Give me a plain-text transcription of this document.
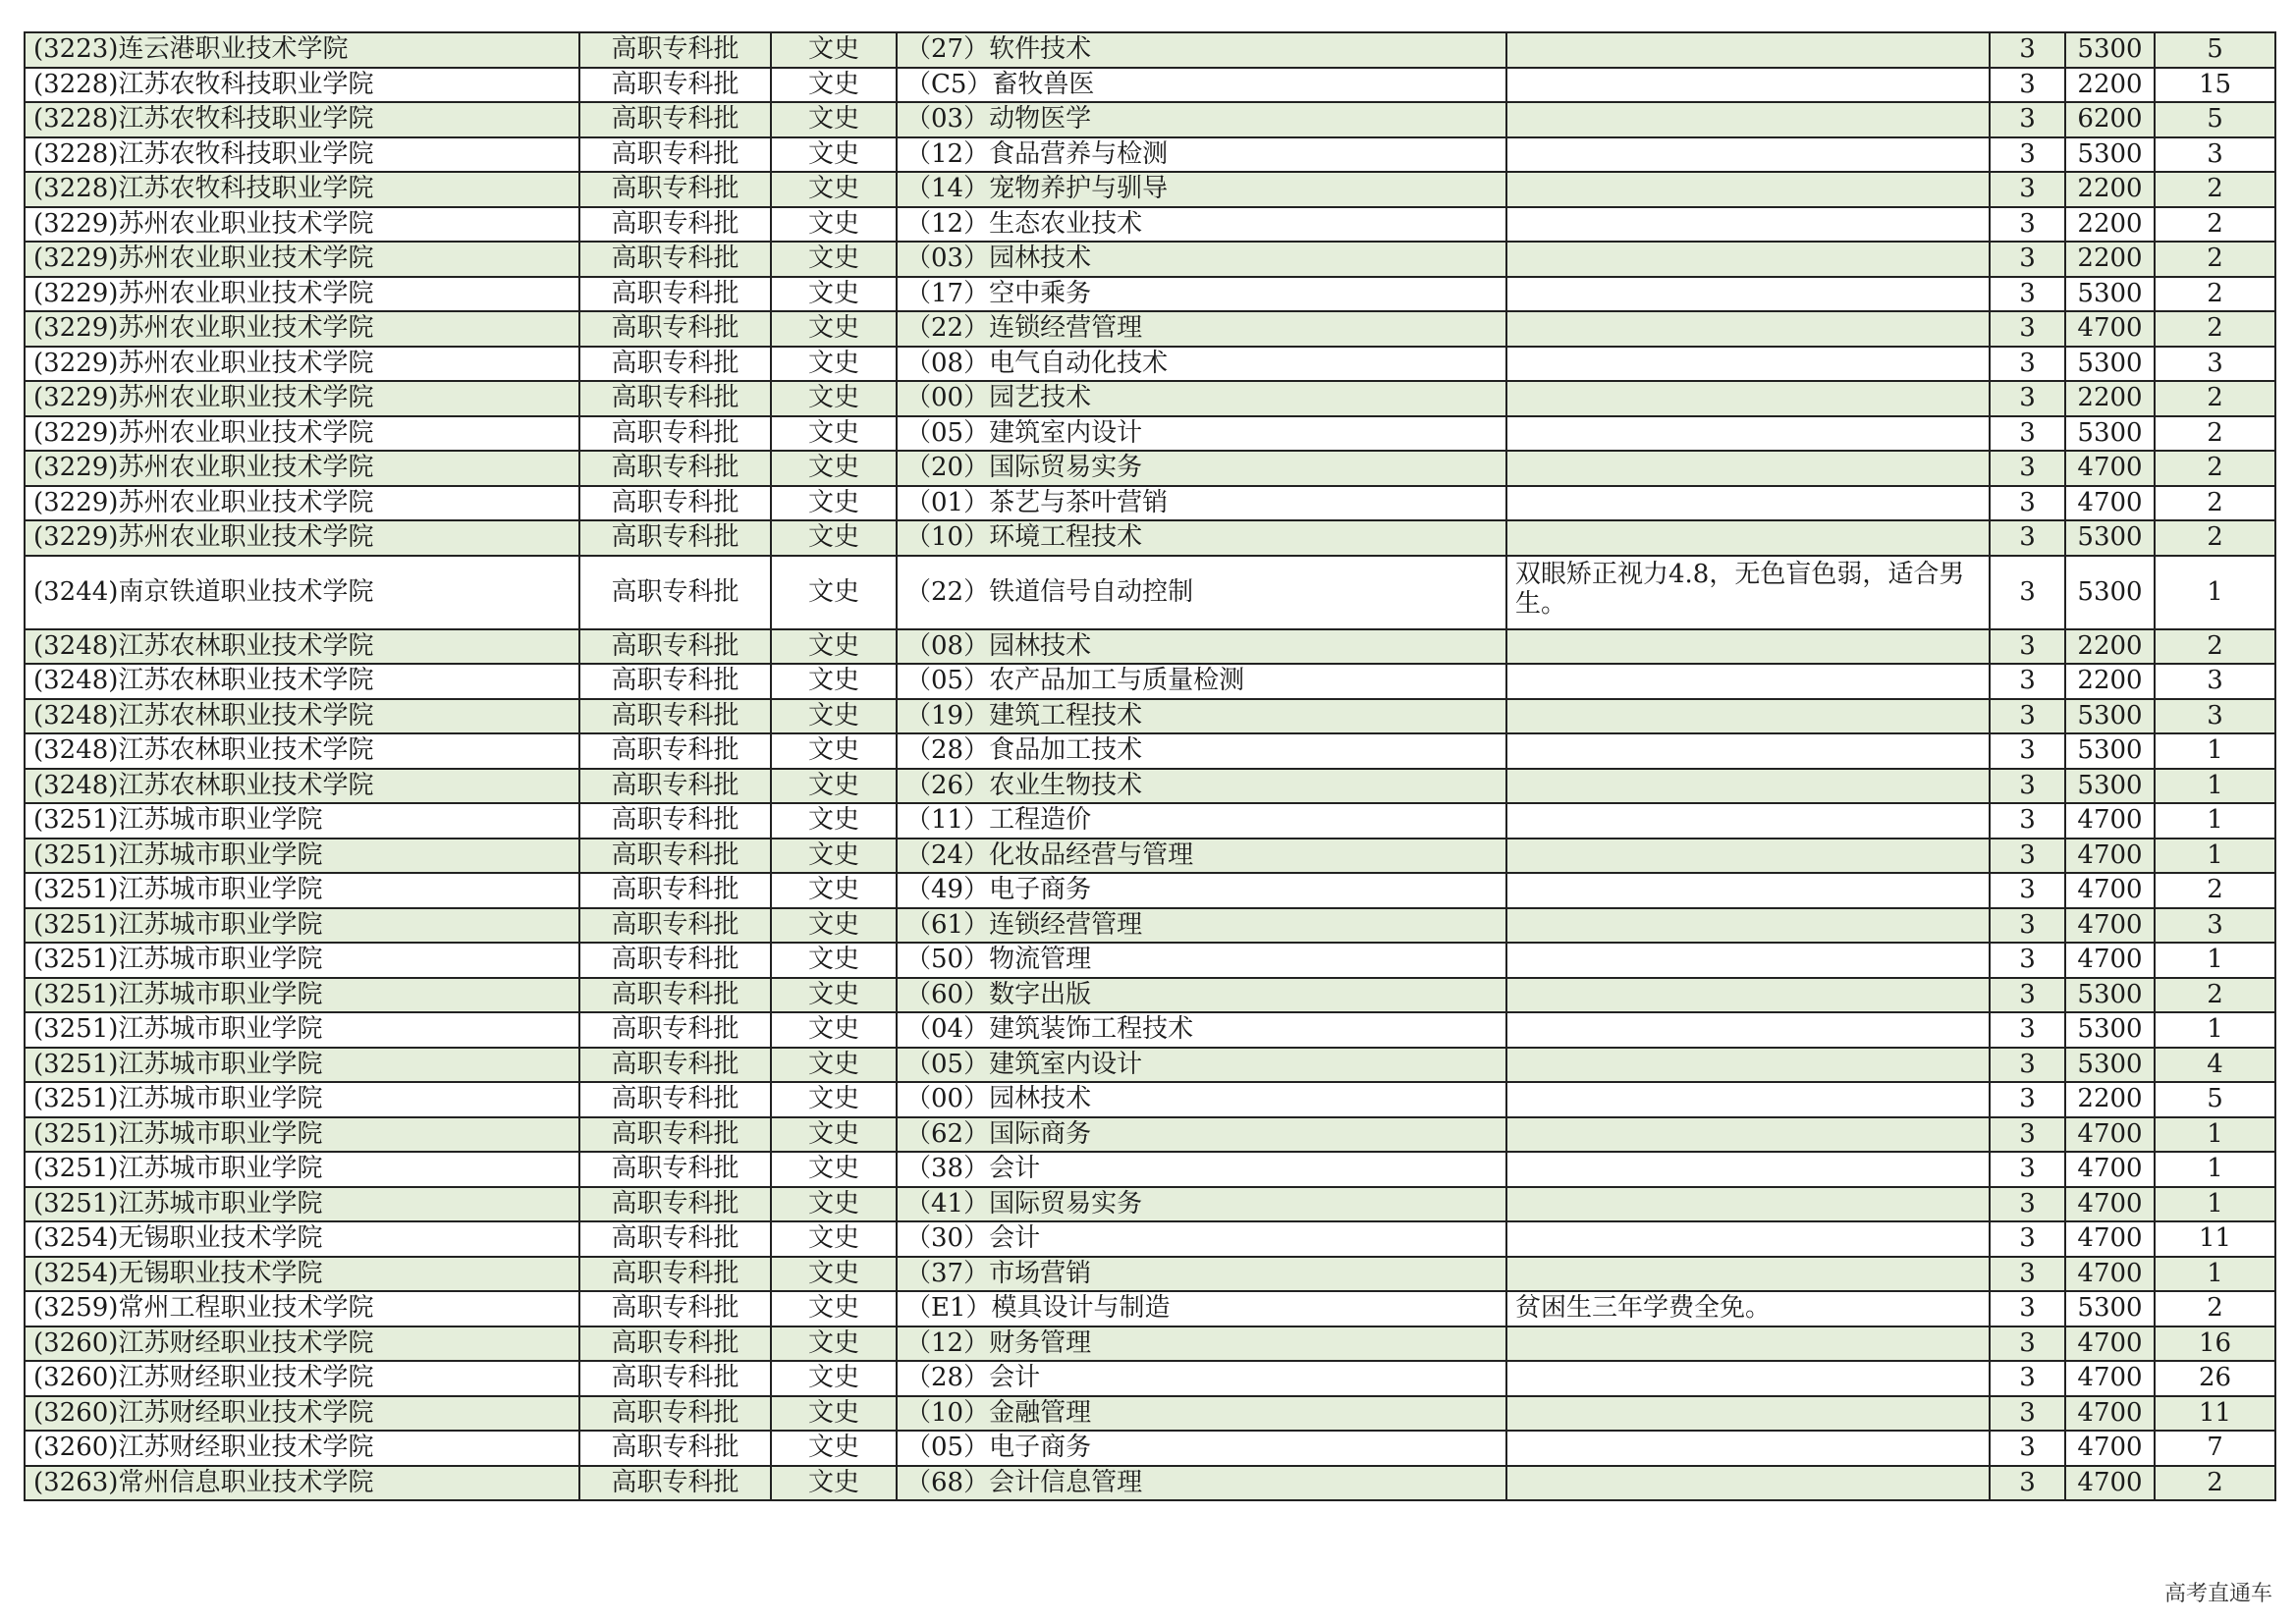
(3223)连云港职业技术学院	高职专科批	文史	（27）软件技术		3	5300	5
(3228)江苏农牧科技职业学院	高职专科批	文史	（C5）畜牧兽医		3	2200	15
(3228)江苏农牧科技职业学院	高职专科批	文史	（03）动物医学		3	6200	5
(3228)江苏农牧科技职业学院	高职专科批	文史	（12）食品营养与检测		3	5300	3
(3228)江苏农牧科技职业学院	高职专科批	文史	（14）宠物养护与驯导		3	2200	2
(3229)苏州农业职业技术学院	高职专科批	文史	（12）生态农业技术		3	2200	2
(3229)苏州农业职业技术学院	高职专科批	文史	（03）园林技术		3	2200	2
(3229)苏州农业职业技术学院	高职专科批	文史	（17）空中乘务		3	5300	2
(3229)苏州农业职业技术学院	高职专科批	文史	（22）连锁经营管理		3	4700	2
(3229)苏州农业职业技术学院	高职专科批	文史	（08）电气自动化技术		3	5300	3
(3229)苏州农业职业技术学院	高职专科批	文史	（00）园艺技术		3	2200	2
(3229)苏州农业职业技术学院	高职专科批	文史	（05）建筑室内设计		3	5300	2
(3229)苏州农业职业技术学院	高职专科批	文史	（20）国际贸易实务		3	4700	2
(3229)苏州农业职业技术学院	高职专科批	文史	（01）茶艺与茶叶营销		3	4700	2
(3229)苏州农业职业技术学院	高职专科批	文史	（10）环境工程技术		3	5300	2
(3244)南京铁道职业技术学院	高职专科批	文史	（22）铁道信号自动控制	双眼矫正视力4.8，无色盲色弱，适合男生。	3	5300	1
(3248)江苏农林职业技术学院	高职专科批	文史	（08）园林技术		3	2200	2
(3248)江苏农林职业技术学院	高职专科批	文史	（05）农产品加工与质量检测		3	2200	3
(3248)江苏农林职业技术学院	高职专科批	文史	（19）建筑工程技术		3	5300	3
(3248)江苏农林职业技术学院	高职专科批	文史	（28）食品加工技术		3	5300	1
(3248)江苏农林职业技术学院	高职专科批	文史	（26）农业生物技术		3	5300	1
(3251)江苏城市职业学院	高职专科批	文史	（11）工程造价		3	4700	1
(3251)江苏城市职业学院	高职专科批	文史	（24）化妆品经营与管理		3	4700	1
(3251)江苏城市职业学院	高职专科批	文史	（49）电子商务		3	4700	2
(3251)江苏城市职业学院	高职专科批	文史	（61）连锁经营管理		3	4700	3
(3251)江苏城市职业学院	高职专科批	文史	（50）物流管理		3	4700	1
(3251)江苏城市职业学院	高职专科批	文史	（60）数字出版		3	5300	2
(3251)江苏城市职业学院	高职专科批	文史	（04）建筑装饰工程技术		3	5300	1
(3251)江苏城市职业学院	高职专科批	文史	（05）建筑室内设计		3	5300	4
(3251)江苏城市职业学院	高职专科批	文史	（00）园林技术		3	2200	5
(3251)江苏城市职业学院	高职专科批	文史	（62）国际商务		3	4700	1
(3251)江苏城市职业学院	高职专科批	文史	（38）会计		3	4700	1
(3251)江苏城市职业学院	高职专科批	文史	（41）国际贸易实务		3	4700	1
(3254)无锡职业技术学院	高职专科批	文史	（30）会计		3	4700	11
(3254)无锡职业技术学院	高职专科批	文史	（37）市场营销		3	4700	1
(3259)常州工程职业技术学院	高职专科批	文史	（E1）模具设计与制造	贫困生三年学费全免。	3	5300	2
(3260)江苏财经职业技术学院	高职专科批	文史	（12）财务管理		3	4700	16
(3260)江苏财经职业技术学院	高职专科批	文史	（28）会计		3	4700	26
(3260)江苏财经职业技术学院	高职专科批	文史	（10）金融管理		3	4700	11
(3260)江苏财经职业技术学院	高职专科批	文史	（05）电子商务		3	4700	7
(3263)常州信息职业技术学院	高职专科批	文史	（68）会计信息管理		3	4700	2
高考直通车
